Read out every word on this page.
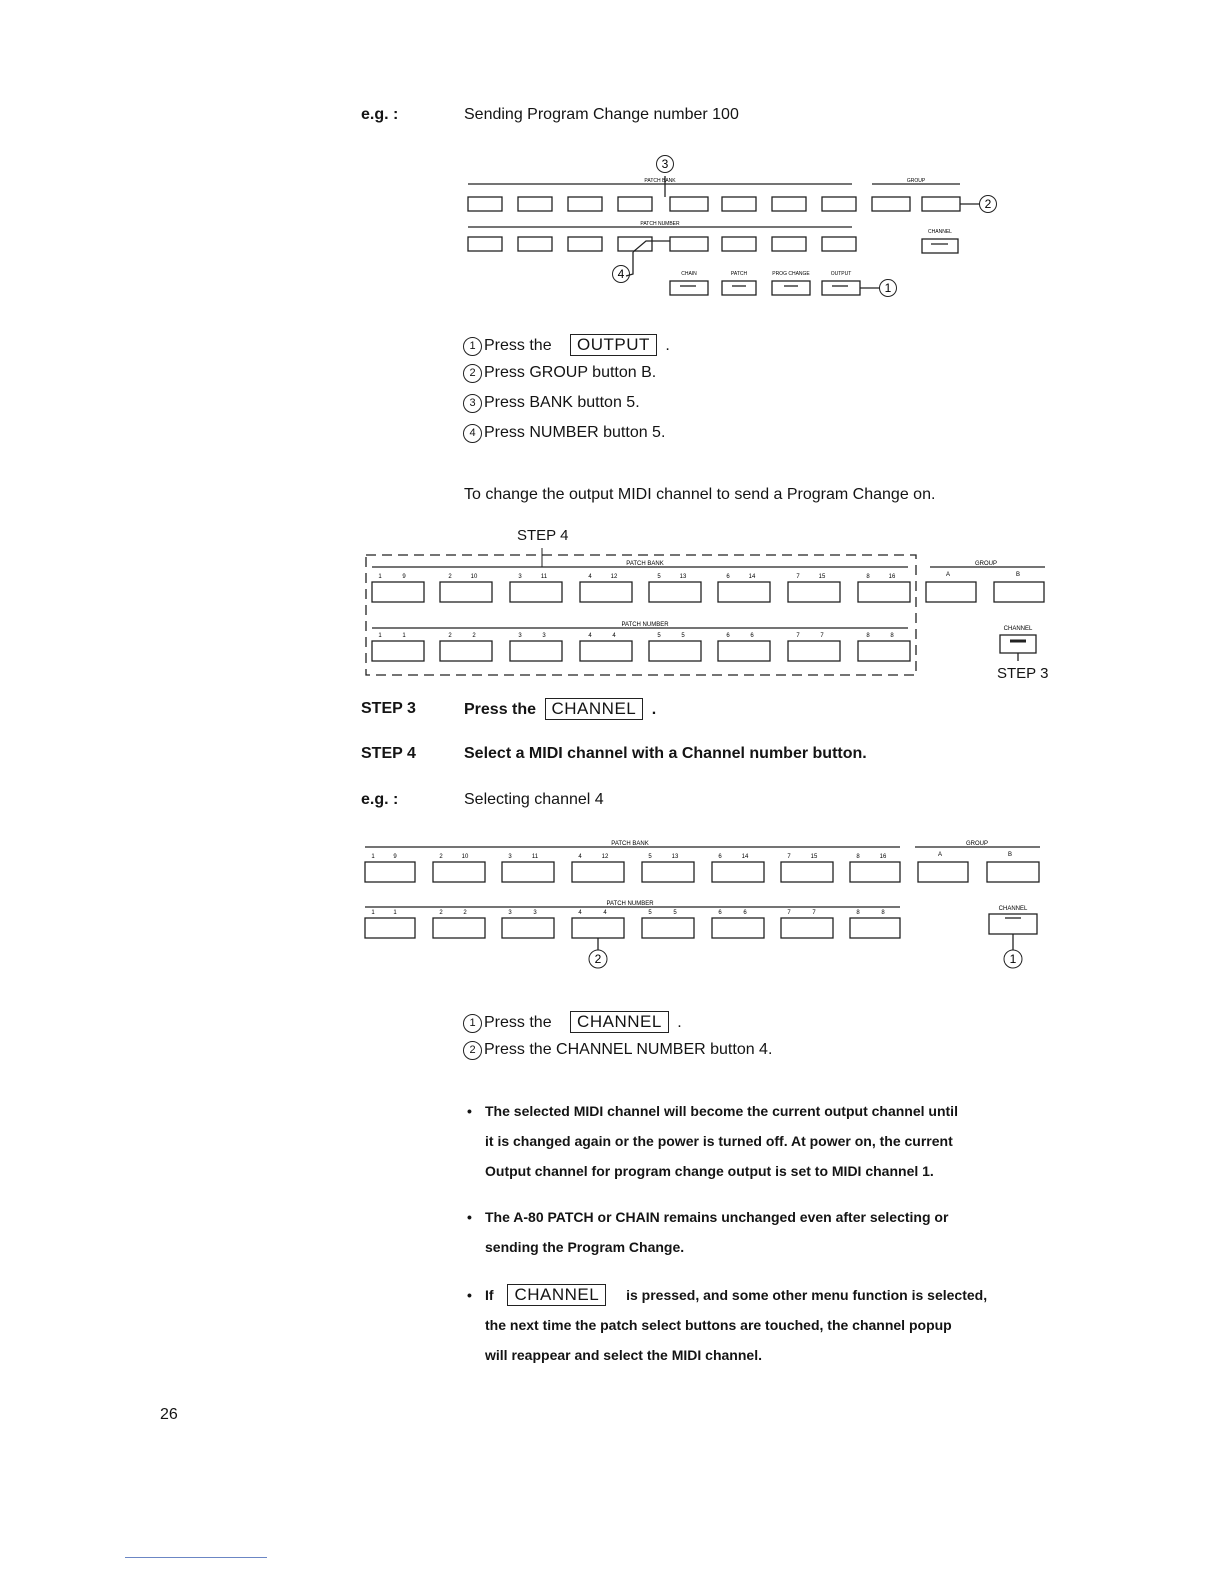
e.g. :	Sending Program Change number 100
3
2
4
1
PATCH BANK
PATCH NUMBER
GROUP
CHANNEL
CHAIN	PATCH	PROG CHANGE	OUTPUT
1 Press the OUTPUT .
2 Press GROUP button B.
3 Press BANK button 5.
4 Press NUMBER button 5.
To change the output MIDI channel to send a Program Change on.
STEP 4
PATCH BANK
PATCH NUMBER
GROUP
CHANNEL
A	B
1	9	2	10	3	11	4	12	5	13	6	14	7	15	8	16
1	1	2	2	3	3	4	4	5	5	6	6	7	7	8	8
STEP 3
STEP 3	Press the CHANNEL .
STEP 4	Select a MIDI channel with a Channel number button.
e.g. :	Selecting channel 4
2	1
PATCH BANK
PATCH NUMBER
GROUP
CHANNEL
A	B
1	9	2	10	3	11	4	12	5	13	6	14	7	15	8	16
1	1	2	2	3	3	4	4	5	5	6	6	7	7	8	8
1 Press the CHANNEL .
2 Press the CHANNEL NUMBER button 4.
• The selected MIDI channel will become the current output channel until
it is changed again or the power is turned off. At power on, the current
Output channel for program change output is set to MIDI channel 1.
• The A-80 PATCH or CHAIN remains unchanged even after selecting or
sending the Program Change.
• If CHANNEL is pressed, and some other menu function is selected,
the next time the patch select buttons are touched, the channel popup
will reappear and select the MIDI channel.
26
